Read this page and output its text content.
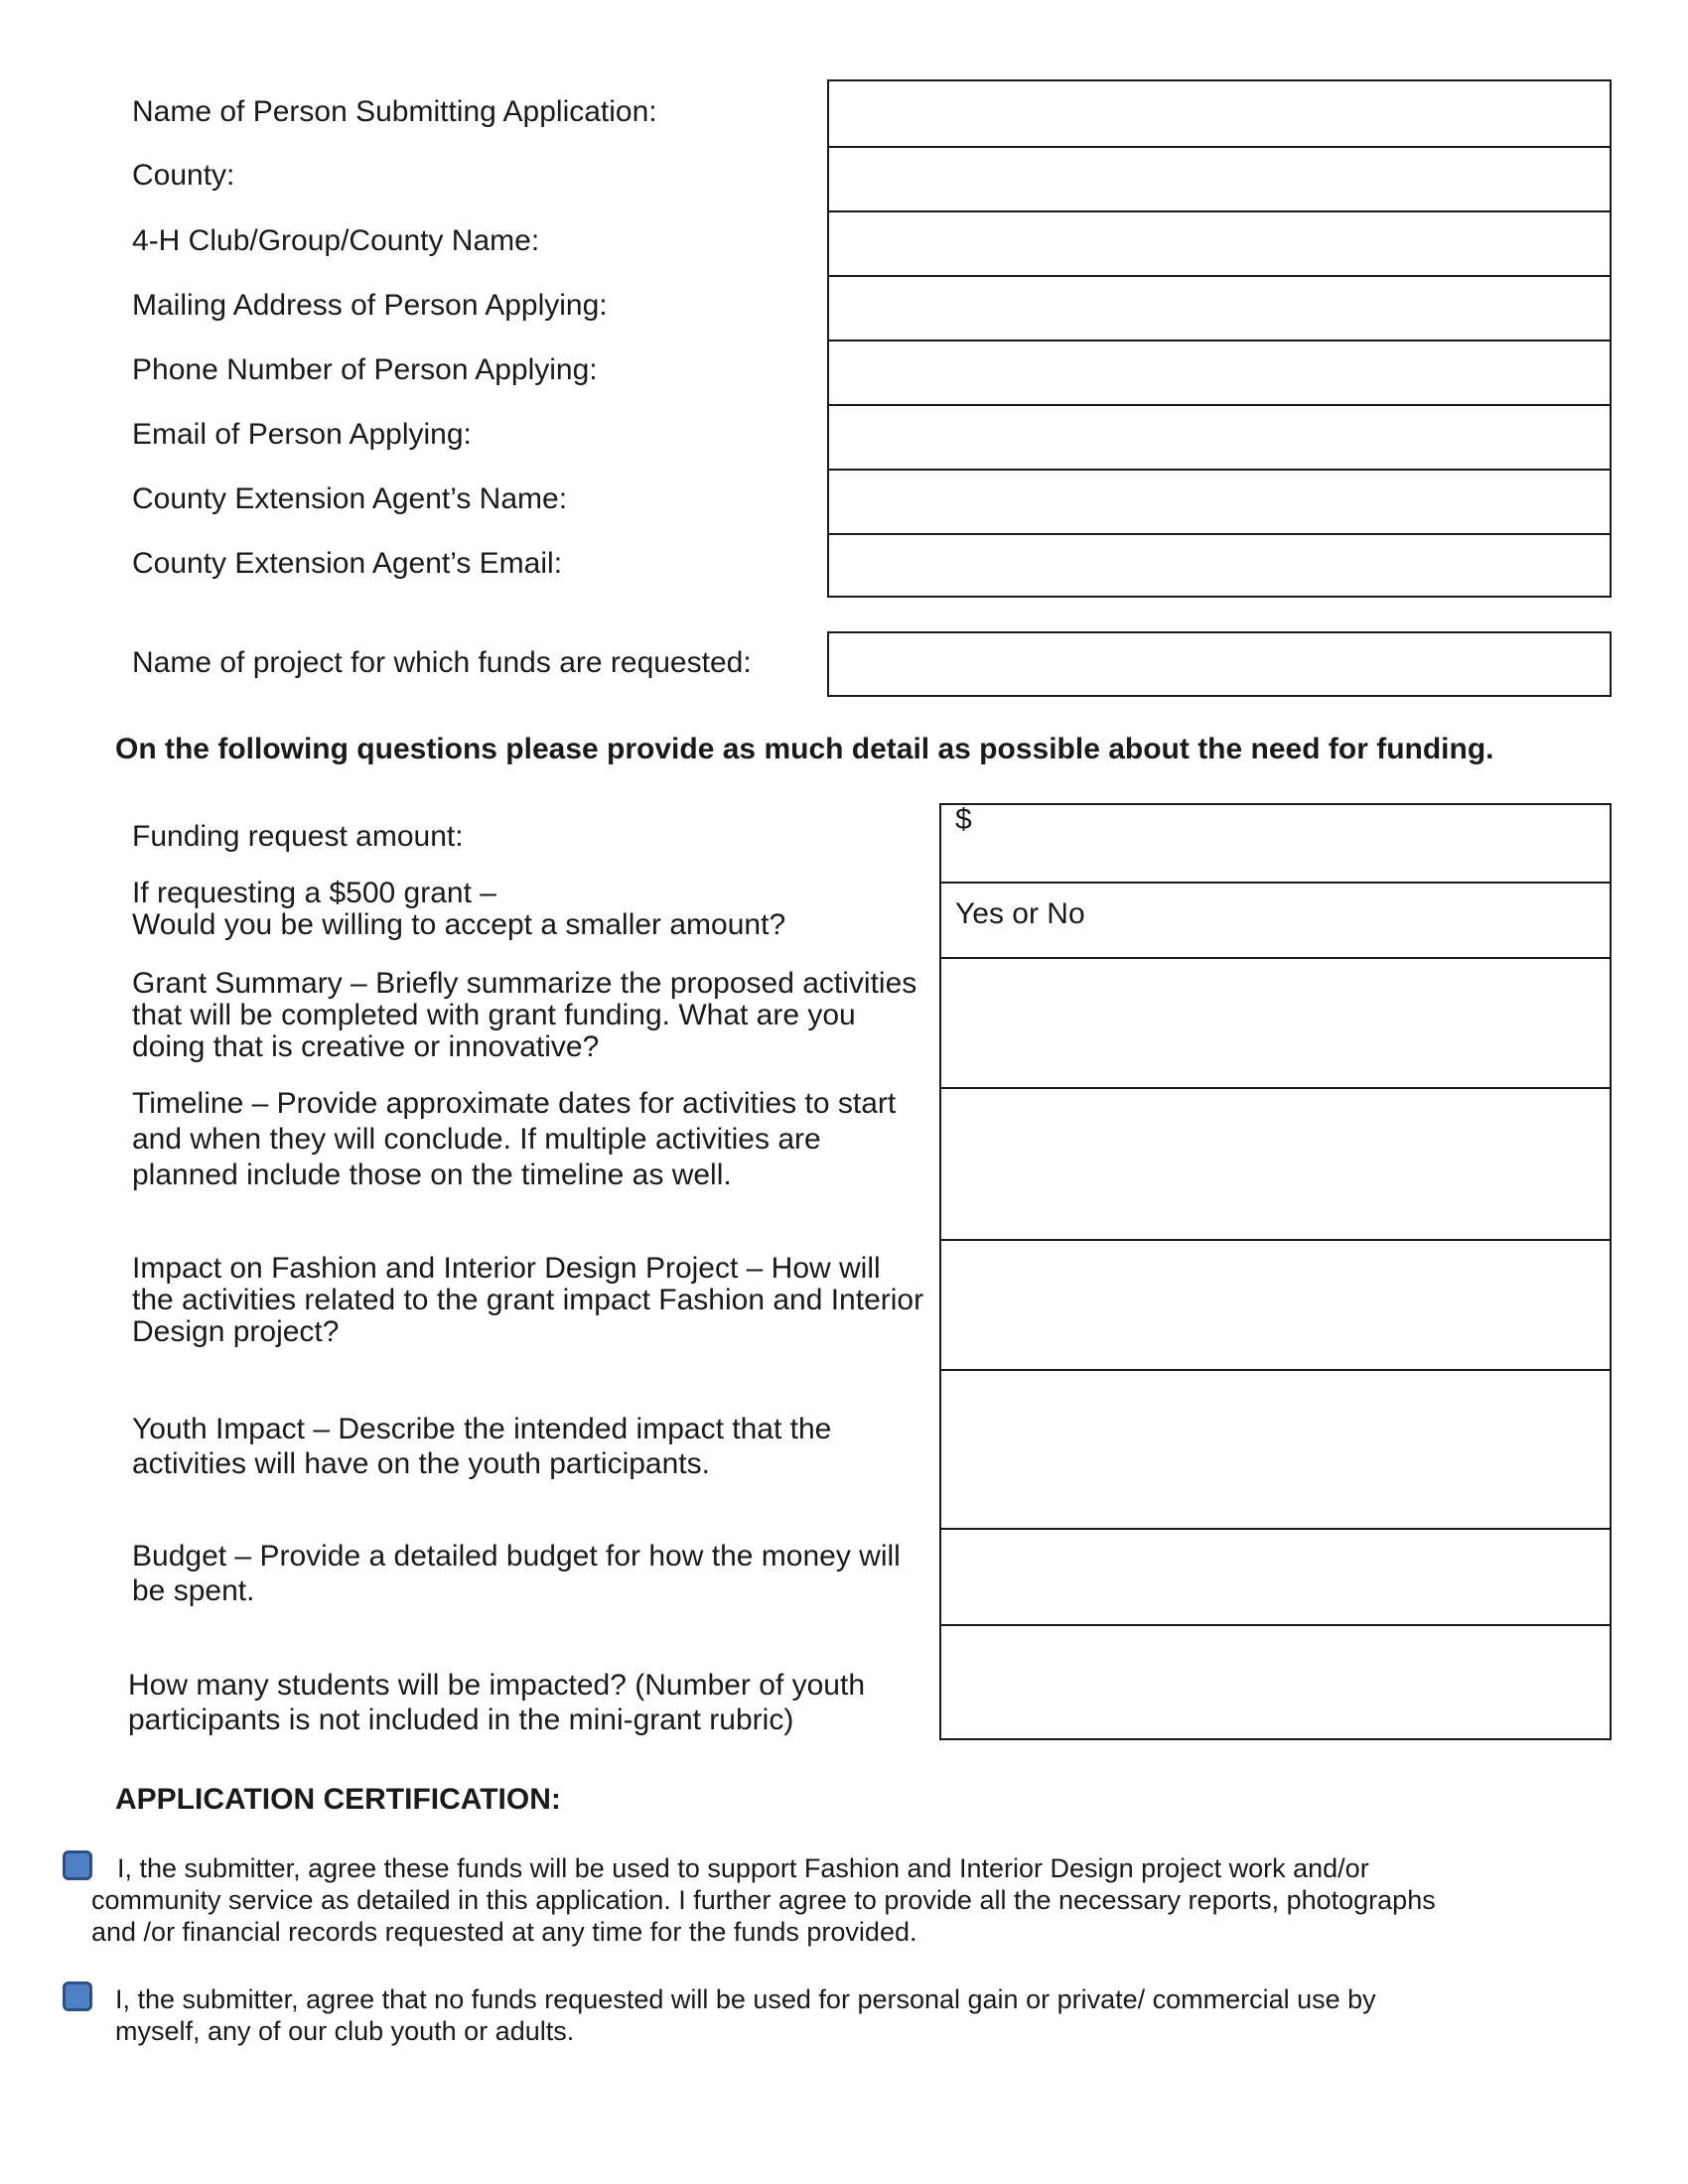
Name of Person Submitting Application:
County:
4-H Club/Group/County Name:
Mailing Address of Person Applying:
Phone Number of Person Applying:
Email of Person Applying:
County Extension Agent’s Name:
County Extension Agent’s Email:
Name of project for which funds are requested:
On the following questions please provide as much detail as possible about the need for funding.
Funding request amount:
If requesting a $500 grant –
Would you be willing to accept a smaller amount?
Grant Summary – Briefly summarize the proposed activities that will be completed with grant funding. What are you doing that is creative or innovative?
Timeline – Provide approximate dates for activities to start and when they will conclude. If multiple activities are planned include those on the timeline as well.
Impact on Fashion and Interior Design Project – How will the activities related to the grant impact Fashion and Interior Design project?
Youth Impact – Describe the intended impact that the activities will have on the youth participants.
Budget – Provide a detailed budget for how the money will be spent.
How many students will be impacted? (Number of youth participants is not included in the mini-grant rubric)
$
Yes or No
APPLICATION CERTIFICATION:
I, the submitter, agree these funds will be used to support Fashion and Interior Design project work and/or community service as detailed in this application. I further agree to provide all the necessary reports, photographs and /or financial records requested at any time for the funds provided.
I, the submitter, agree that no funds requested will be used for personal gain or private/ commercial use by myself, any of our club youth or adults.
